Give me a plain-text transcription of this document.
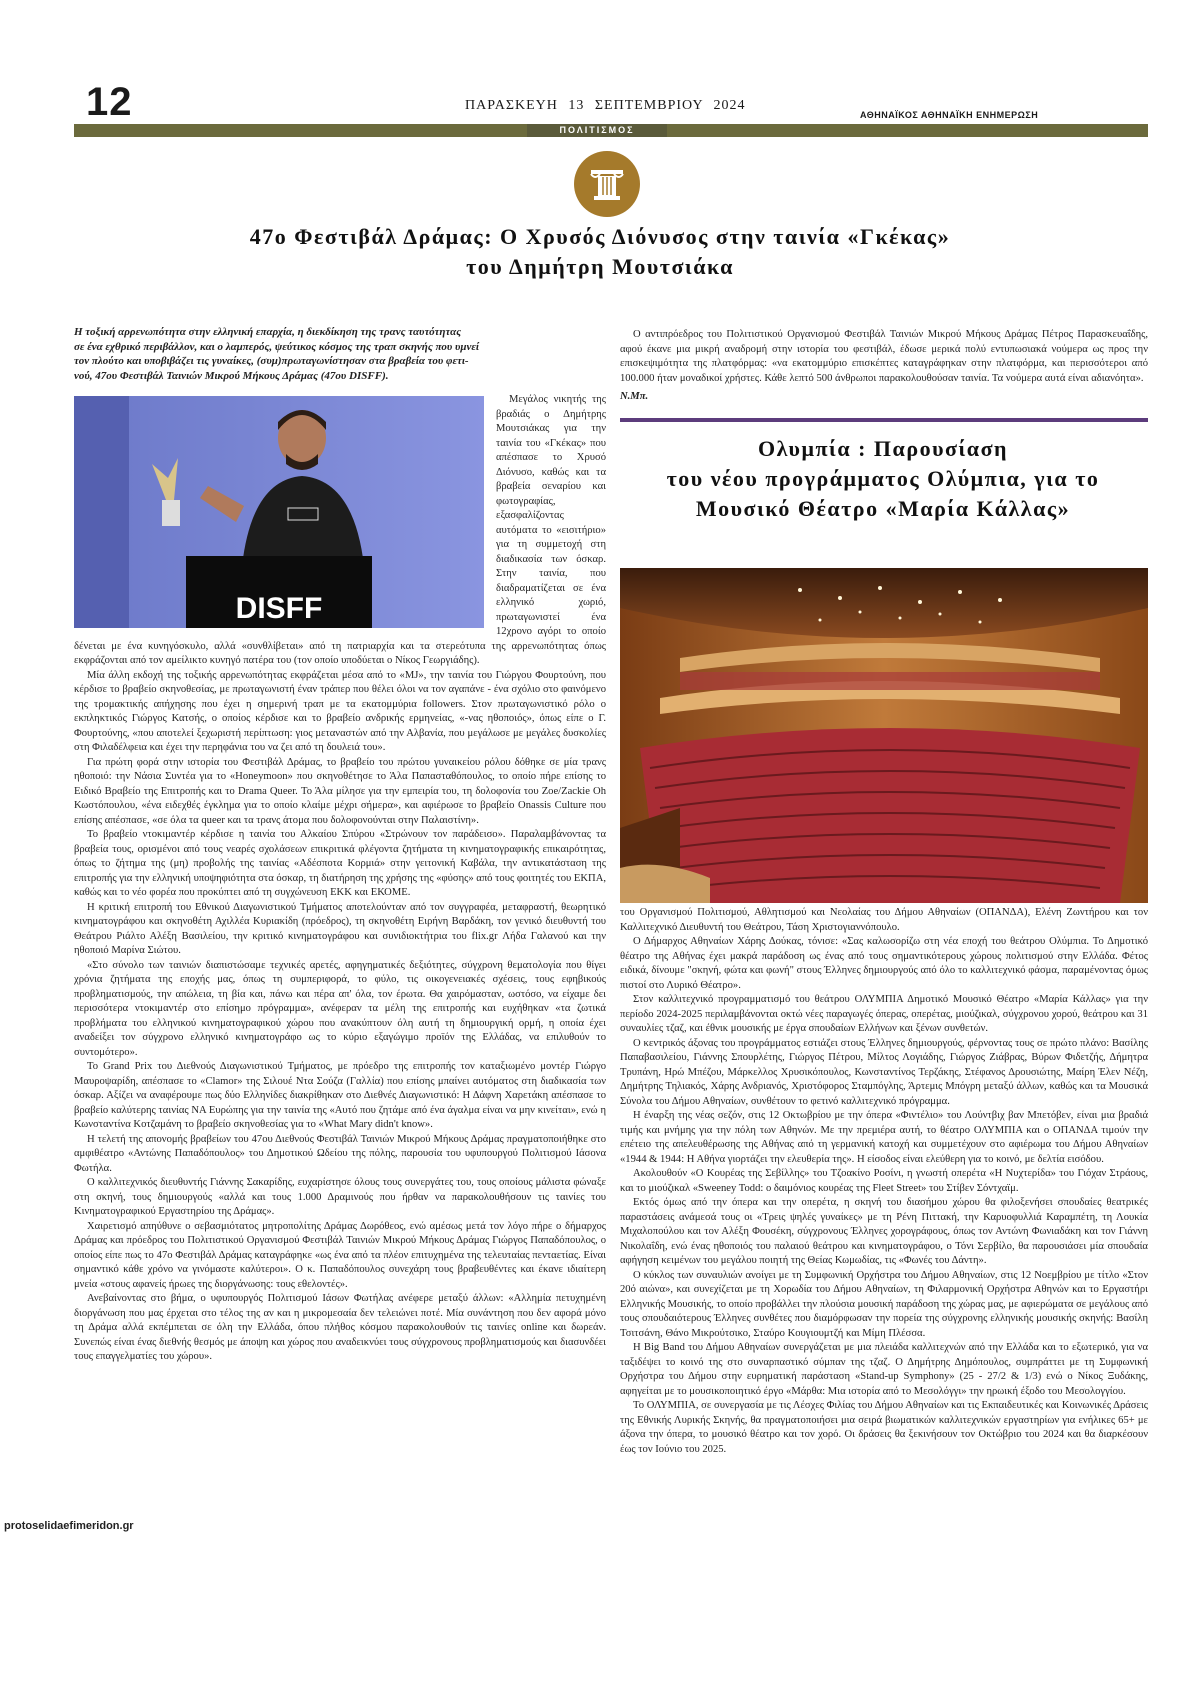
12	ΠΑΡΑΣΚΕΥΗ 13 ΣΕΠΤΕΜΒΡΙΟΥ 2024
ΑΘΗΝΑΪΚΟΣ ΑΘΗΝΑΪΚΗ ΕΝΗΜΕΡΩΣΗ
ΠΟΛΙΤΙΣΜΟΣ
47ο Φεστιβάλ Δράμας: Ο Χρυσός Διόνυσος στην ταινία «Γκέκας»
του Δημήτρη Μουτσιάκα
Η τοξική αρρενωπότητα στην ελληνική επαρχία, η διεκδίκηση της τρανς ταυτότητας
σε ένα εχθρικό περιβάλλον, και ο λαμπερός, ψεύτικος κόσμος της τραπ σκηνής που υμνεί
τον πλούτο και υποβιβάζει τις γυναίκες, (συμ)πρωταγωνίστησαν στα βραβεία του φετι-
νού, 47ου Φεστιβάλ Ταινιών Μικρού Μήκους Δράμας (47ου DISFF).
DISFF

Μεγάλος νικητής της βραδιάς ο Δημήτρης Μουτσιάκας για την ταινία του «Γκέκας» που απέσπασε το Χρυσό Διόνυσο, καθώς και τα βραβεία σεναρίου και φωτογραφίας, εξασφαλίζοντας αυτόματα το «εισιτήριο» για τη συμμετοχή στη διαδικασία των όσκαρ. Στην ταινία, που διαδραματίζεται σε ένα ελληνικό χωριό, πρωταγωνιστεί ένα 12χρονο αγόρι το οποίο δένεται με ένα κυνηγόσκυλο, αλλά «συνθλίβεται» από τη πατριαρχία και τα στερεότυπα της αρρενωπότητας όπως εκφράζονται από τον αμείλικτο κυνηγό πατέρα του (τον οποίο υποδύεται ο Νίκος Γεωργιάδης).

Μία άλλη εκδοχή της τοξικής αρρενωπότητας εκφράζεται μέσα από το «MJ», την ταινία του Γιώργου Φουρτούνη, που κέρδισε το βραβείο σκηνοθεσίας, με πρωταγωνιστή έναν τράπερ που θέλει όλοι να τον αγαπάνε - ένα σχόλιο στο φαινόμενο της τρομακτικής απήχησης που έχει η σημερινή τραπ με τα εκατομμύρια followers. Στον πρωταγωνιστικό ρόλο ο εκπληκτικός Γιώργος Κατσής, ο οποίος κέρδισε και το βραβείο ανδρικής ερμηνείας, «-νας ηθοποιός», όπως είπε ο Γ. Φουρτούνης, «που αποτελεί ξεχωριστή περίπτωση: γιος μεταναστών από την Αλβανία, που μεγάλωσε με μεγάλες δυσκολίες στη Φιλαδέλφεια και έχει την περηφάνια του να ζει από τη δουλειά του».

Για πρώτη φορά στην ιστορία του Φεστιβάλ Δράμας, το βραβείο του πρώτου γυναικείου ρόλου δόθηκε σε μία τρανς ηθοποιό: την Νάσια Συντέα για το «Honeymoon» που σκηνοθέτησε το Άλα Παπασταθόπουλος, το οποίο πήρε επίσης το Ειδικό Βραβείο της Επιτροπής και το Drama Queer. Το Άλα μίλησε για την εμπειρία του, τη δολοφονία του Zoe/Zackie Oh Κωστόπουλου, «ένα ειδεχθές έγκλημα για το οποίο κλαίμε μέχρι σήμερα», και αφιέρωσε το βραβείο Onassis Culture που επίσης απέσπασε, «σε όλα τα queer και τα τρανς άτομα που δολοφονούνται στην Παλαιστίνη».

Το βραβείο ντοκιμαντέρ κέρδισε η ταινία του Αλκαίου Σπύρου «Στρώνουν τον παράδεισο». Παραλαμβάνοντας τα βραβεία τους, ορισμένοι από τους νεαρές σχολάσεων επικριτικά φλέγοντα ζητήματα τη κινηματογραφικής επικαιρότητας, όπως το ζήτημα της (μη) προβολής της ταινίας «Αδέσποτα Κορμιά» στην γειτονική Καβάλα, την αντικατάσταση της επιτροπής για την ελληνική υποψηφιότητα στα όσκαρ, τη διατήρηση της χρήσης της «φύσης» από τους φοιτητές του ΕΚΠΑ, καθώς και το νέο φορέα που προκύπτει από τη συγχώνευση ΕΚΚ και ΕΚΟΜΕ.

Η κριτική επιτροπή του Εθνικού Διαγωνιστικού Τμήματος αποτελούνταν από τον συγγραφέα, μεταφραστή, θεωρητικό κινηματογράφου και σκηνοθέτη Αχιλλέα Κυριακίδη (πρόεδρος), τη σκηνοθέτη Ειρήνη Βαρδάκη, τον γενικό διευθυντή του Θεάτρου Ριάλτο Αλέξη Βασιλείου, την κριτικό κινηματογράφου και συνιδιοκτήτρια του flix.gr Λήδα Γαλανού και την ηθοποιό Μαρίνα Σιώτου.

«Στο σύνολο των ταινιών διαπιστώσαμε τεχνικές αρετές, αφηγηματικές δεξιότητες, σύγχρονη θεματολογία που θίγει χρόνια ζητήματα της εποχής μας, όπως τη συμπεριφορά, το φύλο, τις οικογενειακές σχέσεις, τους εφηβικούς προβληματισμούς, την απώλεια, τη βία και, πάνω και πέρα απ' όλα, τον έρωτα. Θα χαιρόμασταν, ωστόσο, να είχαμε δει περισσότερα ντοκιμαντέρ στο επίσημο πρόγραμμα», ανέφεραν τα μέλη της επιτροπής και ευχήθηκαν «τα ζωτικά προβλήματα του ελληνικού κινηματογραφικού χώρου που ανακύπτουν όλη αυτή τη δημιουργική ορμή, η οποία έχει αναδείξει τον σύγχρονο ελληνικό κινηματογράφο ως το κύριο εξαγώγιμο προϊόν της Ελλάδας, να επιλυθούν το συντομότερο».

Το Grand Prix του Διεθνούς Διαγωνιστικού Τμήματος, με πρόεδρο της επιτροπής τον καταξιωμένο μοντέρ Γιώργο Μαυροψαρίδη, απέσπασε το «Clamor» της Σιλουέ Ντα Σούζα (Γαλλία) που επίσης μπαίνει αυτόματος στη διαδικασία των όσκαρ. Αξίζει να αναφέρουμε πως δύο Ελληνίδες διακρίθηκαν στο Διεθνές Διαγωνιστικό: Η Δάφνη Χαρετάκη απέσπασε το βραβείο καλύτερης ταινίας ΝΑ Ευρώπης για την ταινία της «Αυτό που ζητάμε από ένα άγαλμα είναι να μην κινείται», ενώ η Κωνσταντίνα Κοτζαμάνη το βραβείο σκηνοθεσίας για το «What Mary didn't know».

Η τελετή της απονομής βραβείων του 47ου Διεθνούς Φεστιβάλ Ταινιών Μικρού Μήκους Δράμας πραγματοποιήθηκε στο αμφιθέατρο «Αντώνης Παπαδόπουλος» του Δημοτικού Ωδείου της πόλης, παρουσία του υφυπουργού Πολιτισμού Ιάσονα Φωτήλα.

Ο καλλιτεχνικός διευθυντής Γιάννης Σακαρίδης, ευχαρίστησε όλους τους συνεργάτες του, τους οποίους μάλιστα φώναξε στη σκηνή, τους δημιουργούς «αλλά και τους 1.000 Δραμινούς που ήρθαν να παρακολουθήσουν τις ταινίες του Κινηματογραφικού Εργαστηρίου της Δράμας».

Χαιρετισμό απηύθυνε ο σεβασμιότατος μητροπολίτης Δράμας Δωρόθεος, ενώ αμέσως μετά τον λόγο πήρε ο δήμαρχος Δράμας και πρόεδρος του Πολιτιστικού Οργανισμού Φεστιβάλ Ταινιών Μικρού Μήκους Δράμας Γιώργος Παπαδόπουλος, ο οποίος είπε πως το 47ο Φεστιβάλ Δράμας καταγράφηκε «ως ένα από τα πλέον επιτυχημένα της τελευταίας πενταετίας. Είναι σημαντικό κάθε χρόνο να γινόμαστε καλύτεροι». Ο κ. Παπαδόπουλος συνεχάρη τους βραβευθέντες και έκανε ιδιαίτερη μνεία «στους αφανείς ήρωες της διοργάνωσης: τους εθελοντές».

Ανεβαίνοντας στο βήμα, ο υφυπουργός Πολιτισμού Ιάσων Φωτήλας ανέφερε μεταξύ άλλων: «Αλλημία πετυχημένη διοργάνωση που μας έρχεται στο τέλος της αν και η μικρομεσαία δεν τελειώνει ποτέ. Μία συνάντηση που δεν αφορά μόνο τη Δράμα αλλά εκπέμπεται σε όλη την Ελλάδα, όπου πλήθος κόσμου παρακολουθούν τις ταινίες online και δωρεάν. Συνεπώς είναι ένας διεθνής θεσμός με άποψη και χώρος που αναδεικνύει τους σύγχρονους προβληματισμούς και διασυνδέει τους επαγγελματίες του χώρου».

Ο αντιπρόεδρος του Πολιτιστικού Οργανισμού Φεστιβάλ Ταινιών Μικρού Μήκους Δράμας Πέτρος Παρασκευαΐδης, αφού έκανε μια μικρή αναδρομή στην ιστορία του φεστιβάλ, έδωσε μερικά πολύ εντυπωσιακά νούμερα ως προς την επισκεψιμότητα της πλατφόρμας: «να εκατομμύριο επισκέπτες καταγράφηκαν στην πλατφόρμα, και περισσότεροι από 100.000 ήταν μοναδικοί χρήστες. Κάθε λεπτό 500 άνθρωποι παρακολουθούσαν ταινία. Τα νούμερα αυτά είναι αδιανόητα».

Ν.Μπ.
Ολυμπία : Παρουσίαση
του νέου προγράμματος Ολύμπια, για το
Μουσικό Θέατρο «Μαρία Κάλλας»

του Οργανισμού Πολιτισμού, Αθλητισμού και Νεολαίας του Δήμου Αθηναίων (ΟΠΑΝΔΑ), Ελένη Ζωντήρου και τον Καλλιτεχνικό Διευθυντή του Θεάτρου, Τάση Χριστογιαννόπουλο.

Ο Δήμαρχος Αθηναίων Χάρης Δούκας, τόνισε: «Σας καλωσορίζω στη νέα εποχή του θεάτρου Ολύμπια. Το Δημοτικό θέατρο της Αθήνας έχει μακρά παράδοση ως ένας από τους σημαντικότερους χώρους πολιτισμού στην Ελλάδα. Φέτος ειδικά, δίνουμε "σκηνή, φώτα και φωνή" στους Έλληνες δημιουργούς από όλο το καλλιτεχνικό φάσμα, παραμένοντας όμως πιστοί στο Λυρικό Θέατρο».

Στον καλλιτεχνικό προγραμματισμό του θεάτρου ΟΛΥΜΠΙΑ Δημοτικό Μουσικό Θέατρο «Μαρία Κάλλας» για την περίοδο 2024-2025 περιλαμβάνονται οκτώ νέες παραγωγές όπερας, οπερέτας, μιούζικαλ, σύγχρονου χορού, θεάτρου και 31 συναυλίες τζαζ, και έθνικ μουσικής με έργα σπουδαίων Ελλήνων και ξένων συνθετών.

Ο κεντρικός άξονας του προγράμματος εστιάζει στους Έλληνες δημιουργούς, φέρνοντας τους σε πρώτο πλάνο: Βασίλης Παπαβασιλείου, Γιάννης Σπουρλέτης, Γιώργος Πέτρου, Μίλτος Λογιάδης, Γιώργος Ζιάβρας, Βύρων Φιδετζής, Δήμητρα Τρυπάνη, Ηρώ Μπέζου, Μάρκελλος Χρυσικόπουλος, Κωνσταντίνος Τερζάκης, Στέφανος Δρουσιώτης, Μαίρη Έλεν Νέζη, Δημήτρης Τηλιακός, Χάρης Ανδριανός, Χριστόφορος Σταμπόγλης, Άρτεμις Μπόγρη μεταξύ άλλων, καθώς και τα Μουσικά Σύνολα του Δήμου Αθηναίων, συνθέτουν το φετινό καλλιτεχνικό πρόγραμμα.

Η έναρξη της νέας σεζόν, στις 12 Οκτωβρίου με την όπερα «Φιντέλιο» του Λούντβιχ βαν Μπετόβεν, είναι μια βραδιά τιμής και μνήμης για την πόλη των Αθηνών. Με την πρεμιέρα αυτή, το θέατρο ΟΛΥΜΠΙΑ και ο ΟΠΑΝΔΑ τιμούν την επέτειο της απελευθέρωσης της Αθήνας από τη γερμανική κατοχή και συμμετέχουν στο αφιέρωμα του Δήμου Αθηναίων «1944 & 1944: Η Αθήνα γιορτάζει την ελευθερία της». Η είσοδος είναι ελεύθερη για το κοινό, με δελτία εισόδου.

Ακολουθούν «Ο Κουρέας της Σεβίλλης» του Τζοακίνο Ροσίνι, η γνωστή οπερέτα «Η Νυχτερίδα» του Γιόχαν Στράους, και το μιούζικαλ «Sweeney Todd: ο δαιμόνιος κουρέας της Fleet Street» του Στίβεν Σόντχαϊμ.

Εκτός όμως από την όπερα και την οπερέτα, η σκηνή του διασήμου χώρου θα φιλοξενήσει σπουδαίες θεατρικές παραστάσεις ανάμεσά τους οι «Τρεις ψηλές γυναίκες» με τη Ρένη Πιττακή, την Καρυοφυλλιά Καραμπέτη, τη Λουκία Μιχαλοπούλου και τον Αλέξη Φουσέκη, σύγχρονους Έλληνες χορογράφους, όπως τον Αντώνη Φωνιαδάκη και τον Γιάννη Νικολαΐδη, ενώ ένας ηθοποιός του παλαιού θεάτρου και κινηματογράφου, ο Τόνι Σερβίλο, θα παρουσιάσει μία σπουδαία αφήγηση κειμένων του μεγάλου ποιητή της Θείας Κωμωδίας, τις «Φωνές του Δάντη».

Ο κύκλος των συναυλιών ανοίγει με τη Συμφωνική Ορχήστρα του Δήμου Αθηναίων, στις 12 Νοεμβρίου με τίτλο «Στον 20ό αιώνα», και συνεχίζεται με τη Χορωδία του Δήμου Αθηναίων, τη Φιλαρμονική Ορχήστρα Αθηνών και το Εργαστήρι Ελληνικής Μουσικής, το οποίο προβάλλει την πλούσια μουσική παράδοση της χώρας μας, με αφιερώματα σε μεγάλους από τους σπουδαιότερους Έλληνες συνθέτες που διαμόρφωσαν την πορεία της σύγχρονης ελληνικής μουσικής σκηνής: Βασίλη Τσιτσάνη, Θάνο Μικρούτσικο, Σταύρο Κουγιουμτζή και Μίμη Πλέσσα.

Η Big Band του Δήμου Αθηναίων συνεργάζεται με μια πλειάδα καλλιτεχνών από την Ελλάδα και το εξωτερικό, για να ταξιδέψει το κοινό της στο συναρπαστικό σύμπαν της τζαζ. Ο Δημήτρης Δημόπουλος, συμπράττει με τη Συμφωνική Ορχήστρα του Δήμου στην ευρηματική παράσταση «Stand-up Symphony» (25 - 27/2 & 1/3) ενώ ο Νίκος Ξυδάκης, αφηγείται με το μουσικοποιητικό έργο «Μάρθα: Μια ιστορία από το Μεσολόγγι» την ηρωική έξοδο του Μεσολογγίου.

Το ΟΛΥΜΠΙΑ, σε συνεργασία με τις Λέσχες Φιλίας του Δήμου Αθηναίων και τις Εκπαιδευτικές και Κοινωνικές Δράσεις της Εθνικής Λυρικής Σκηνής, θα πραγματοποιήσει μια σειρά βιωματικών καλλιτεχνικών εργαστηρίων για ενήλικες 65+ με άξονα την όπερα, το μουσικό θέατρο και τον χορό. Οι δράσεις θα ξεκινήσουν τον Οκτώβριο του 2024 και θα διαρκέσουν έως τον Ιούνιο του 2025.

protoselidaefimeridon.gr
